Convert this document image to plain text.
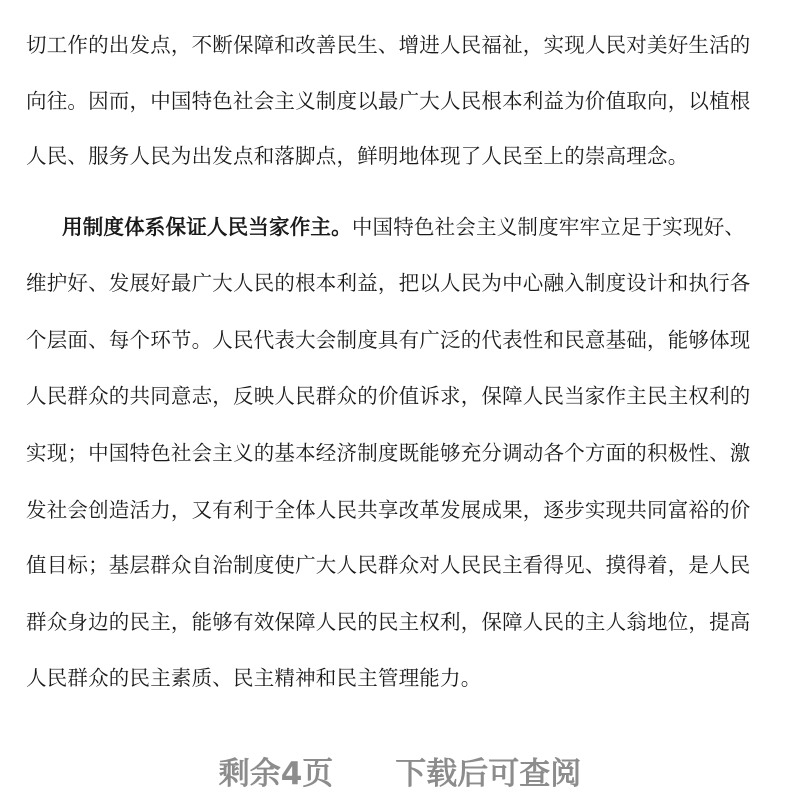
切工作的出发点，不断保障和改善民生、增进人民福祉，实现人民对美好生活的
向往。因而，中国特色社会主义制度以最广大人民根本利益为价值取向，以植根
人民、服务人民为出发点和落脚点，鲜明地体现了人民至上的崇高理念。
用制度体系保证人民当家作主。中国特色社会主义制度牢牢立足于实现好、
维护好、发展好最广大人民的根本利益，把以人民为中心融入制度设计和执行各
个层面、每个环节。人民代表大会制度具有广泛的代表性和民意基础，能够体现
人民群众的共同意志，反映人民群众的价值诉求，保障人民当家作主民主权利的
实现；中国特色社会主义的基本经济制度既能够充分调动各个方面的积极性、激
发社会创造活力，又有利于全体人民共享改革发展成果，逐步实现共同富裕的价
值目标；基层群众自治制度使广大人民群众对人民民主看得见、摸得着，是人民
群众身边的民主，能够有效保障人民的民主权利，保障人民的主人翁地位，提高
人民群众的民主素质、民主精神和民主管理能力。
剩余4页 下载后可查阅
